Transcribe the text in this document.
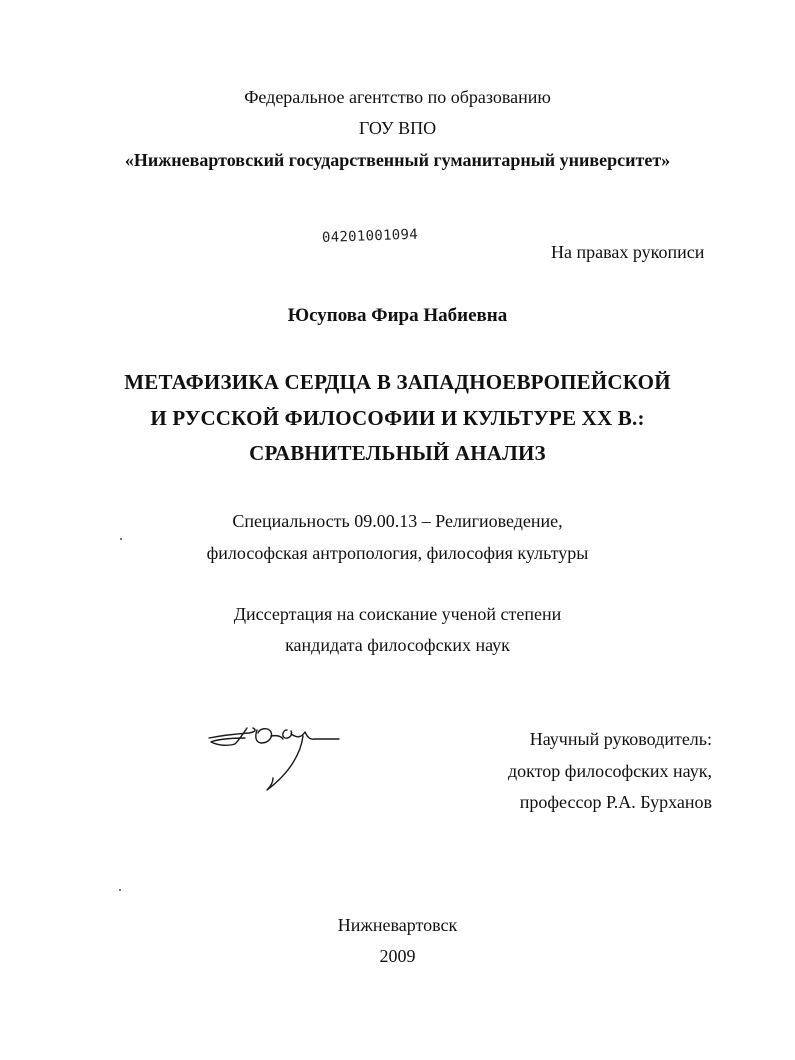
Федеральное агентство по образованию
ГОУ ВПО
«Нижневартовский государственный гуманитарный университет»
04201001094
На правах рукописи
Юсупова Фира Набиевна
МЕТАФИЗИКА СЕРДЦА В ЗАПАДНОЕВРОПЕЙСКОЙ
И РУССКОЙ ФИЛОСОФИИ И КУЛЬТУРЕ XX В.:
СРАВНИТЕЛЬНЫЙ АНАЛИЗ
Специальность 09.00.13 – Религиоведение,
философская антропология, философия культуры
Диссертация на соискание ученой степени
кандидата философских наук
Научный руководитель:
доктор философских наук,
профессор Р.А. Бурханов
Нижневартовск
2009
